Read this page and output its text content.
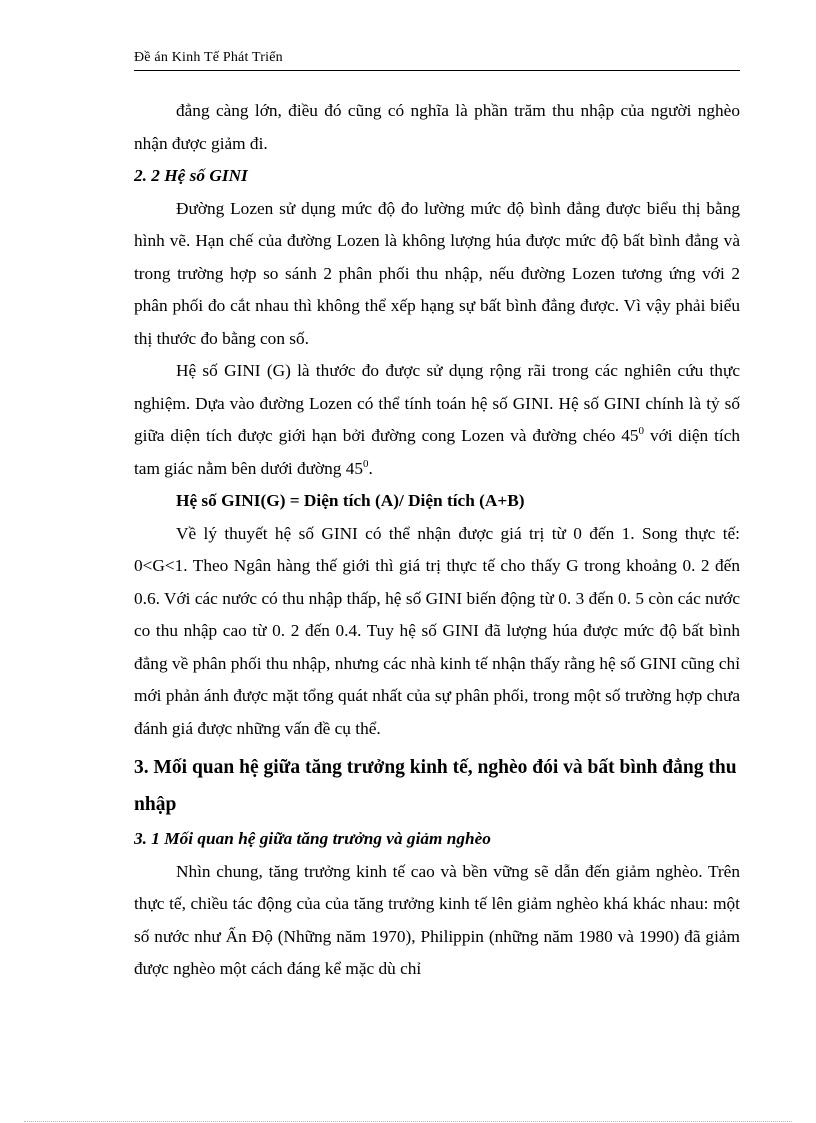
Đề án Kinh Tế Phát Triển

đẳng càng lớn, điều đó cũng có nghĩa là phần trăm thu nhập của người nghèo nhận được giảm đi.

2. 2 Hệ số GINI

Đường Lozen sử dụng mức độ đo lường mức độ bình đẳng được biểu thị bằng hình vẽ. Hạn chế của đường Lozen là không lượng húa được mức độ bất bình đẳng và trong trường hợp so sánh 2 phân phối thu nhập, nếu đường Lozen tương ứng với 2 phân phối đo cắt nhau thì không thể xếp hạng sự bất bình đẳng được. Vì vậy phải biểu thị thước đo bằng con số.

Hệ số GINI (G) là thước đo được sử dụng rộng rãi trong các nghiên cứu thực nghiệm. Dựa vào đường Lozen có thể tính toán hệ số GINI. Hệ số GINI chính là tỷ số giữa diện tích được giới hạn bởi đường cong Lozen và đường chéo $45^0$ với diện tích tam giác nằm bên dưới đường $45^0$.

Hệ số GINI(G) = Diện tích (A)/ Diện tích (A+B)

Về lý thuyết hệ số GINI có thể nhận được giá trị từ 0 đến 1. Song thực tế: 0<G<1. Theo Ngân hàng thế giới thì giá trị thực tế cho thấy G trong khoảng 0. 2 đến 0.6. Với các nước có thu nhập thấp, hệ số GINI biến động từ 0. 3 đến 0. 5 còn các nước co thu nhập cao từ 0. 2 đến 0.4. Tuy hệ số GINI đã lượng húa được mức độ bất bình đẳng về phân phối thu nhập, nhưng các nhà kinh tế nhận thấy rằng hệ số GINI cũng chỉ mới phản ánh được mặt tổng quát nhất của sự phân phối, trong một số trường hợp chưa đánh giá được những vấn đề cụ thể.

3. Mối quan hệ giữa tăng trưởng kinh tế, nghèo đói và bất bình đẳng thu nhập

3. 1 Mối quan hệ giữa tăng trưởng và giảm nghèo

Nhìn chung, tăng trưởng kinh tế cao và bền vững sẽ dẫn đến giảm nghèo. Trên thực tế, chiều tác động của của tăng trưởng kinh tế lên giảm nghèo khá khác nhau: một số nước như Ấn Độ (Những năm 1970), Philippin (những năm 1980 và 1990) đã giảm được nghèo một cách đáng kể mặc dù chỉ
